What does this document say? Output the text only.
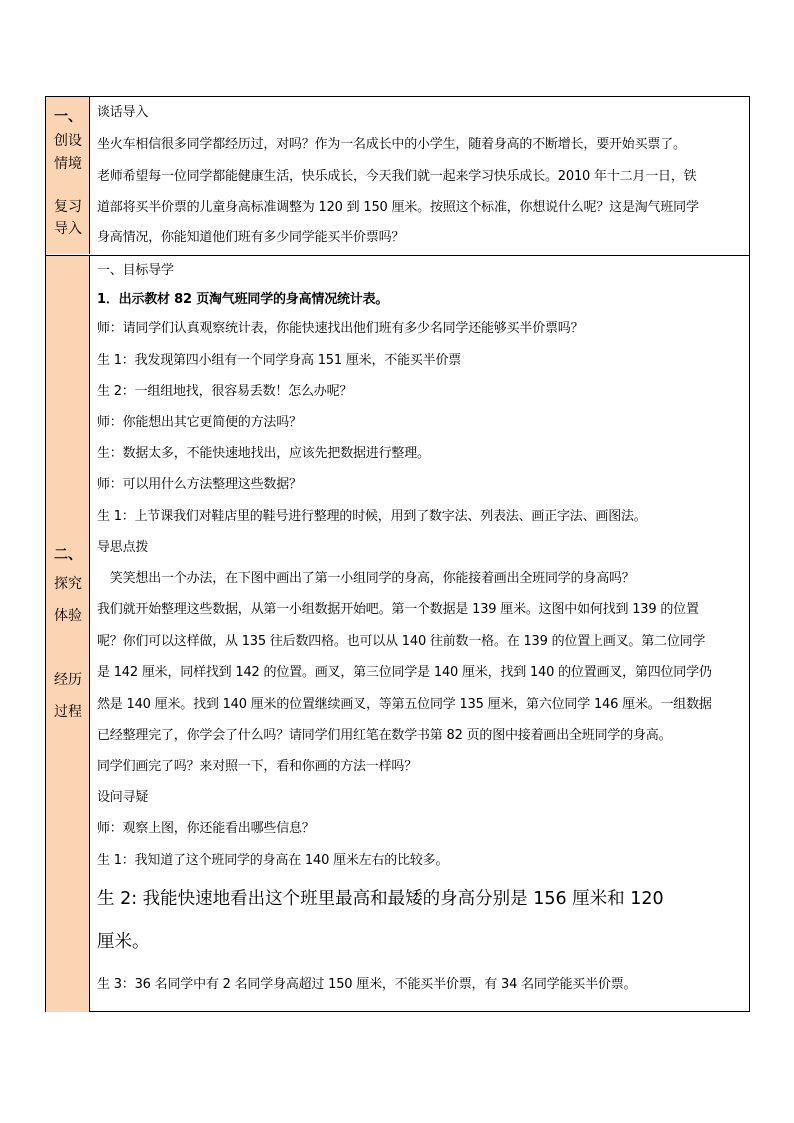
一、
创设
情境
复习
导入
谈话导入
坐火车相信很多同学都经历过，对吗？作为一名成长中的小学生，随着身高的不断增长，要开始买票了。
老师希望每一位同学都能健康生活，快乐成长，今天我们就一起来学习快乐成长。2010 年十二月一日，铁
道部将买半价票的儿童身高标准调整为 120 到 150 厘米。按照这个标准，你想说什么呢？这是淘气班同学
身高情况，你能知道他们班有多少同学能买半价票吗？
二、
探究
体验
经历
过程
一、目标导学
1．出示教材 82 页淘气班同学的身高情况统计表。
师：请同学们认真观察统计表，你能快速找出他们班有多少名同学还能够买半价票吗？
生 1：我发现第四小组有一个同学身高 151 厘米，不能买半价票
生 2：一组组地找，很容易丢数！怎么办呢？
师：你能想出其它更简便的方法吗？
生：数据太多，不能快速地找出，应该先把数据进行整理。
师：可以用什么方法整理这些数据？
生 1：上节课我们对鞋店里的鞋号进行整理的时候，用到了数字法、列表法、画正字法、画图法。
导思点拨
　笑笑想出一个办法，在下图中画出了第一小组同学的身高，你能接着画出全班同学的身高吗？
我们就开始整理这些数据，从第一小组数据开始吧。第一个数据是 139 厘米。这图中如何找到 139 的位置
呢？你们可以这样做，从 135 往后数四格。也可以从 140 往前数一格。在 139 的位置上画叉。第二位同学
是 142 厘米，同样找到 142 的位置。画叉，第三位同学是 140 厘米，找到 140 的位置画叉，第四位同学仍
然是 140 厘米。找到 140 厘米的位置继续画叉，等第五位同学 135 厘米，第六位同学 146 厘米。一组数据
已经整理完了，你学会了什么吗？请同学们用红笔在数学书第 82 页的图中接着画出全班同学的身高。
同学们画完了吗？来对照一下，看和你画的方法一样吗？
设问寻疑
师：观察上图，你还能看出哪些信息？
生 1：我知道了这个班同学的身高在 140 厘米左右的比较多。
生 2: 我能快速地看出这个班里最高和最矮的身高分别是 156 厘米和 120
厘米。
生 3：36 名同学中有 2 名同学身高超过 150 厘米，不能买半价票，有 34 名同学能买半价票。
